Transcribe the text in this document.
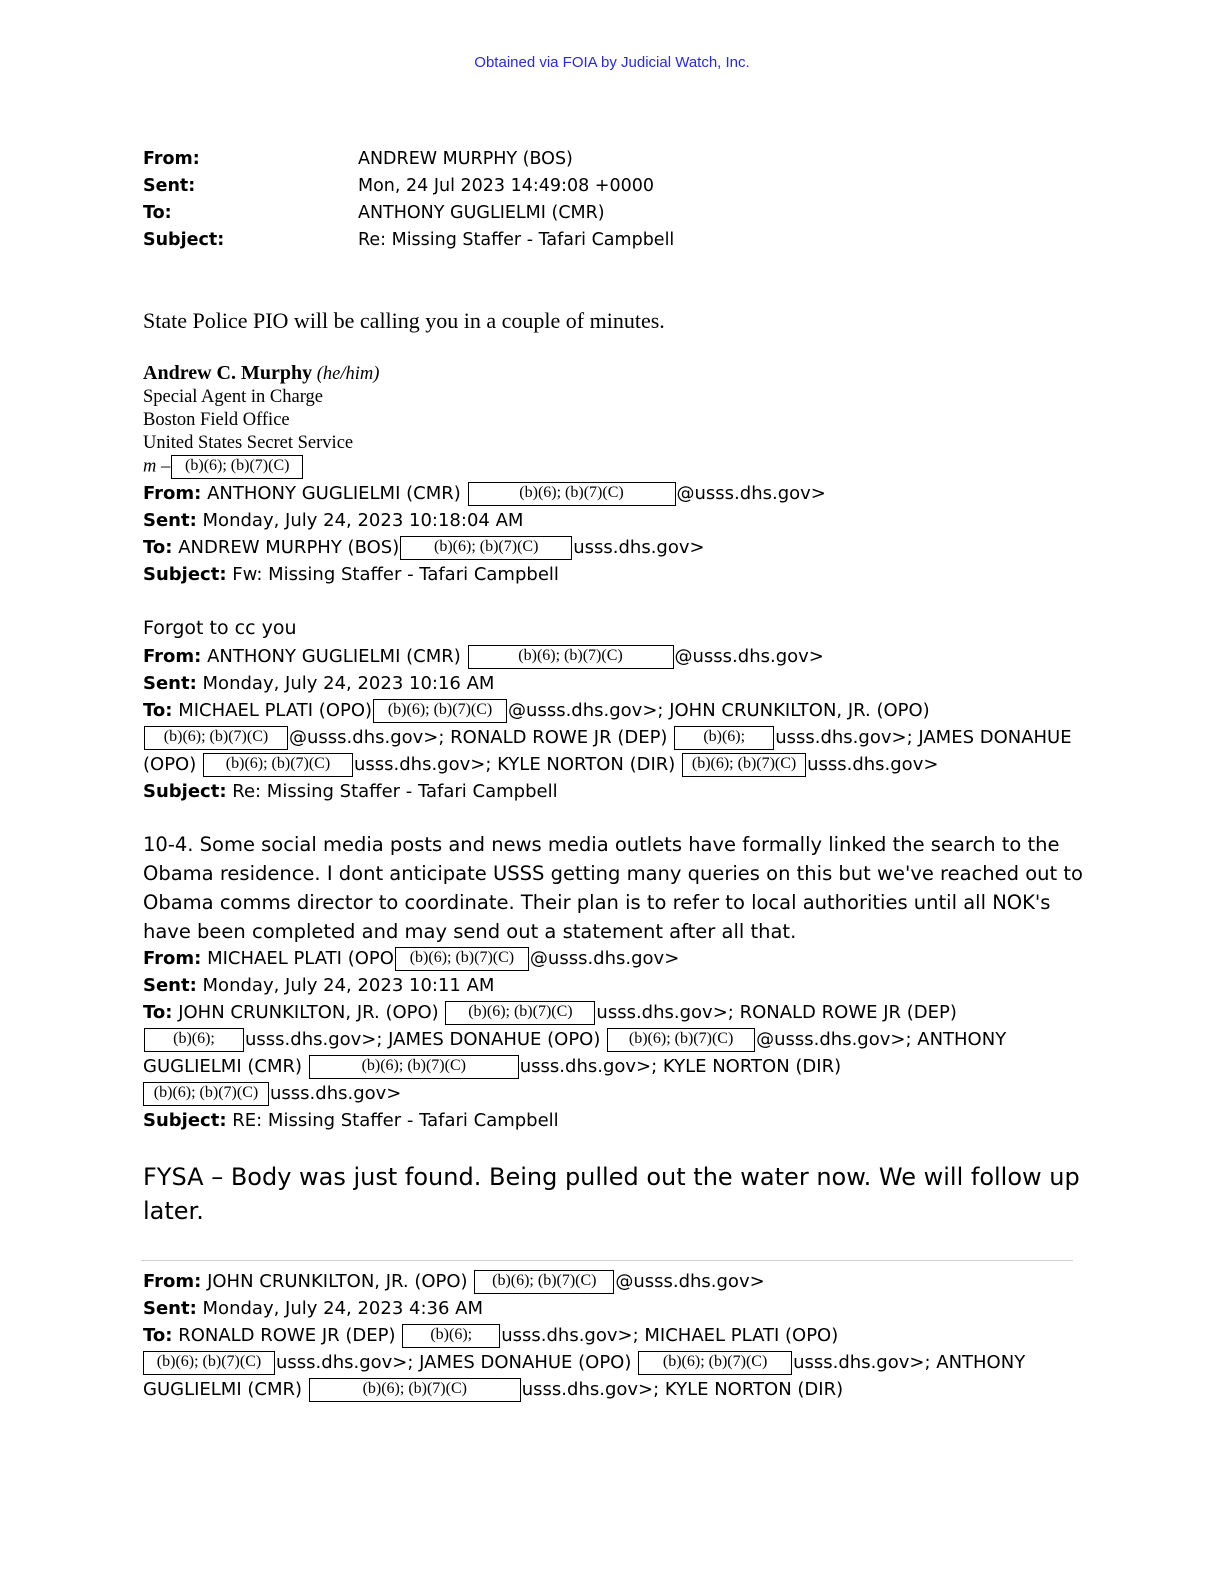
Obtained via FOIA by Judicial Watch, Inc.
From:	ANDREW MURPHY (BOS)
Sent:	Mon, 24 Jul 2023 14:49:08 +0000
To:	ANTHONY GUGLIELMI (CMR)
Subject:	Re: Missing Staffer - Tafari Campbell
State Police PIO will be calling you in a couple of minutes.
Andrew C. Murphy (he/him)
Special Agent in Charge
Boston Field Office
United States Secret Service
m – (b)(6); (b)(7)(C)
From: ANTHONY GUGLIELMI (CMR)	(b)(6); (b)(7)(C)	@usss.dhs.gov>
Sent: Monday, July 24, 2023 10:18:04 AM
To: ANDREW MURPHY (BOS) (b)(6); (b)(7)(C) usss.dhs.gov>
Subject: Fw: Missing Staffer - Tafari Campbell
Forgot to cc you
From: ANTHONY GUGLIELMI (CMR)	(b)(6); (b)(7)(C)	@usss.dhs.gov>
Sent: Monday, July 24, 2023 10:16 AM
To: MICHAEL PLATI (OPO) (b)(6); (b)(7)(C) @usss.dhs.gov>; JOHN CRUNKILTON, JR. (OPO)
(b)(6); (b)(7)(C) @usss.dhs.gov>; RONALD ROWE JR (DEP) (b)(6); usss.dhs.gov>; JAMES DONAHUE
(OPO) (b)(6); (b)(7)(C) usss.dhs.gov>; KYLE NORTON (DIR) (b)(6); (b)(7)(C) usss.dhs.gov>
Subject: Re: Missing Staffer - Tafari Campbell
10-4. Some social media posts and news media outlets have formally linked the search to the Obama residence. I dont anticipate USSS getting many queries on this but we've reached out to Obama comms director to coordinate. Their plan is to refer to local authorities until all NOK's have been completed and may send out a statement after all that.
From: MICHAEL PLATI (OPO (b)(6); (b)(7)(C) @usss.dhs.gov>
Sent: Monday, July 24, 2023 10:11 AM
To: JOHN CRUNKILTON, JR. (OPO) (b)(6); (b)(7)(C) usss.dhs.gov>; RONALD ROWE JR (DEP)
(b)(6); usss.dhs.gov>; JAMES DONAHUE (OPO) (b)(6); (b)(7)(C) @usss.dhs.gov>; ANTHONY
GUGLIELMI (CMR)	(b)(6); (b)(7)(C)	usss.dhs.gov>; KYLE NORTON (DIR)
(b)(6); (b)(7)(C) usss.dhs.gov>
Subject: RE: Missing Staffer - Tafari Campbell
FYSA – Body was just found. Being pulled out the water now. We will follow up later.
From: JOHN CRUNKILTON, JR. (OPO) (b)(6); (b)(7)(C) @usss.dhs.gov>
Sent: Monday, July 24, 2023 4:36 AM
To: RONALD ROWE JR (DEP) (b)(6); usss.dhs.gov>; MICHAEL PLATI (OPO)
(b)(6); (b)(7)(C) usss.dhs.gov>; JAMES DONAHUE (OPO) (b)(6); (b)(7)(C) usss.dhs.gov>; ANTHONY
GUGLIELMI (CMR)	(b)(6); (b)(7)(C)	usss.dhs.gov>; KYLE NORTON (DIR)
